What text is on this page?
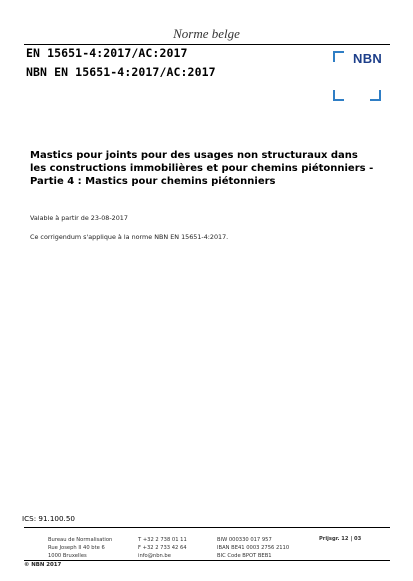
Norme belge
EN 15651-4:2017/AC:2017
NBN EN 15651-4:2017/AC:2017
NBN
Mastics pour joints pour des usages non structuraux dans les constructions immobilières et pour chemins piétonniers - Partie 4 : Mastics pour chemins piétonniers
Valable à partir de 23-08-2017
Ce corrigendum s'applique à la norme NBN EN 15651-4:2017.
ICS: 91.100.50
Bureau de Normalisation
Rue Joseph II 40 bte 6
1000 Bruxelles
T +32 2 738 01 11
F +32 2 733 42 64
info@nbn.be
BIW 000330 017 957
IBAN BE41 0003 2756 2110
BIC Code BPOT BEB1
Prijsgr. 12 | 03
© NBN 2017
